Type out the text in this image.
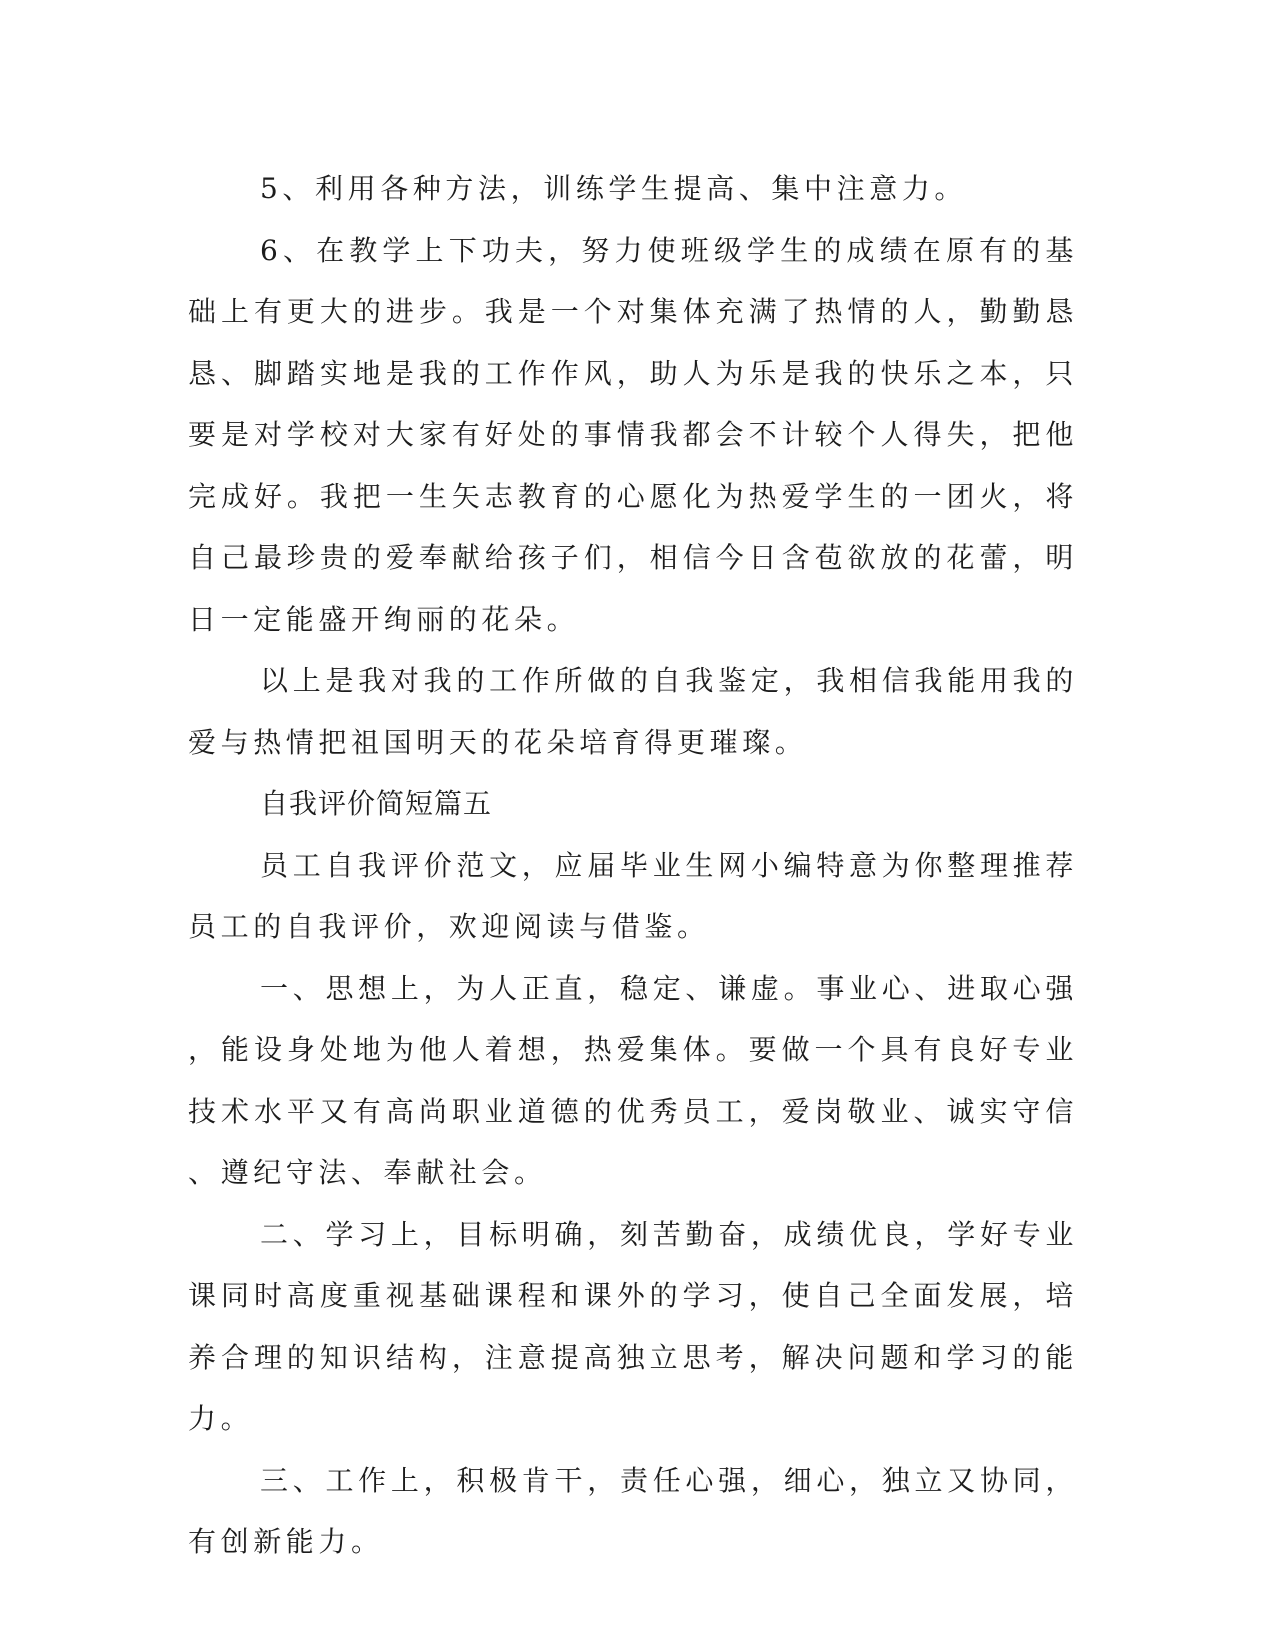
5、利用各种方法，训练学生提高、集中注意力。

6、在教学上下功夫，努力使班级学生的成绩在原有的基础上有更大的进步。我是一个对集体充满了热情的人，勤勤恳恳、脚踏实地是我的工作作风，助人为乐是我的快乐之本，只要是对学校对大家有好处的事情我都会不计较个人得失，把他完成好。我把一生矢志教育的心愿化为热爱学生的一团火，将自己最珍贵的爱奉献给孩子们，相信今日含苞欲放的花蕾，明日一定能盛开绚丽的花朵。

以上是我对我的工作所做的自我鉴定，我相信我能用我的爱与热情把祖国明天的花朵培育得更璀璨。

自我评价简短篇五

员工自我评价范文，应届毕业生网小编特意为你整理推荐员工的自我评价，欢迎阅读与借鉴。

一、思想上，为人正直，稳定、谦虚。事业心、进取心强，能设身处地为他人着想，热爱集体。要做一个具有良好专业技术水平又有高尚职业道德的优秀员工，爱岗敬业、诚实守信、遵纪守法、奉献社会。

二、学习上，目标明确，刻苦勤奋，成绩优良，学好专业课同时高度重视基础课程和课外的学习，使自己全面发展，培养合理的知识结构，注意提高独立思考，解决问题和学习的能力。

三、工作上，积极肯干，责任心强，细心，独立又协同，有创新能力。
